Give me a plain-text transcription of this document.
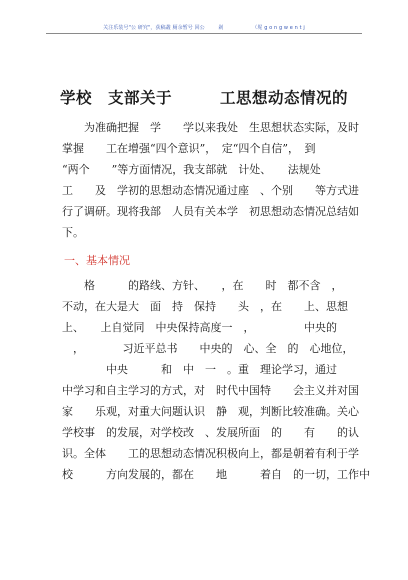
关注乐装号"公 研究"，获稿叢 厕余暂号 回公 　 　剁 　 　 　 　 （坭 g o n g w e n t j
学校　支部关于　　　工思想动态情况的
　　为准确把握　学　　学以来我处　生思想状态实际，及时
掌握　　工在增强“四个意识”，　定“四个自信”，　到
“两个　　”等方面情况，我支部就　计处、　　法规处
工　　及　学初的思想动态情况通过座　、个别　　等方式进
行了调研。现将我部　人员有关本学　初思想动态情况总结如
下。
一、基本情况
　　格　　　的路线、方针、　　，在　　时　都不含　，
不动，在大是大　面　持　保持　　头　，在　　上、思想
上、　　上自觉同　中央保持高度一　，　　　　　中央的
　，　　　　习近平总书　　中央的　心、全　的　心地位，
　　　　中央　　　和　中　一　。重　理论学习，通过
中学习和自主学习的方式，对　时代中国特　　会主义并对国
家　　乐观，对重大问题认识　静　观，判断比较准确。关心
学校事　的发展，对学校改　、发展所面　的　　有　　的认
识。全体　　工的思想动态情况积极向上，都是朝着有利于学
校　　　方向发展的，都在　　地　　　着自　的一切，工作中
